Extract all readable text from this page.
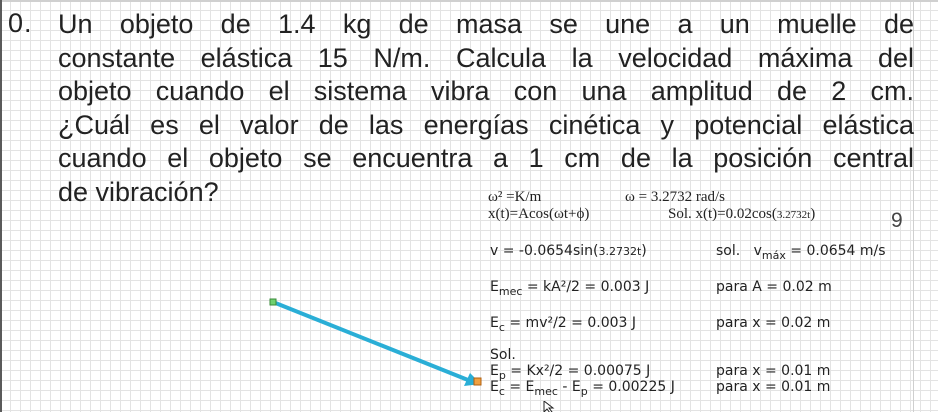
0. Un objeto de 1.4 kg de masa se une a un muelle de
constante elástica 15 N/m. Calcula la velocidad máxima del
objeto cuando el sistema vibra con una amplitud de 2 cm.
¿Cuál es el valor de las energías cinética y potencial elástica
cuando el objeto se encuentra a 1 cm de la posición central
de vibración?	ω² =K/m	ω = 3.2732 rad/s
x(t)=Acos(ωt+ϕ)	Sol. x(t)=0.02cos(3.2732t)	9
v = -0.0654sin(3.2732t)	sol. $v_{máx} = 0.0654$ m/s
$E_{mec} = kA^2/2 = 0.003$ J	para A = 0.02 m
$E_c = mv^2/2 = 0.003$ J	para x = 0.02 m
Sol.
$E_p = Kx^2/2 = 0.00075$ J	para x = 0.01 m
$E_c = E_{mec} - E_p = 0.00225$ J	para x = 0.01 m
